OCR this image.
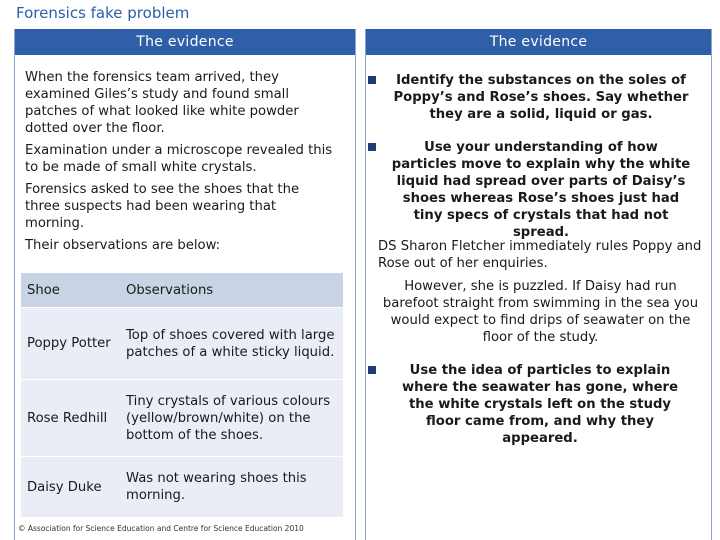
Forensics fake problem
The evidence

When the forensics team arrived, they examined Giles’s study and found small patches of what looked like white powder dotted over the floor.

Examination under a microscope revealed this to be made of small white crystals.

Forensics asked to see the shoes that the three suspects had been wearing that morning.

Their observations are below:

Shoe	Observations
Poppy Potter	Top of shoes covered with large patches of a white sticky liquid.
Rose Redhill	Tiny crystals of various colours (yellow/brown/white) on the bottom of the shoes.
Daisy Duke	Was not wearing shoes this morning.
The evidence
Identify the substances on the soles of Poppy’s and Rose’s shoes. Say whether they are a solid, liquid or gas.
Use your understanding of how particles move to explain why the white liquid had spread over parts of Daisy’s shoes whereas Rose’s shoes just had tiny specs of crystals that had not spread.

DS Sharon Fletcher immediately rules Poppy and Rose out of her enquiries.

However, she is puzzled. If Daisy had run barefoot straight from swimming in the sea you would expect to find drips of seawater on the floor of the study.

Use the idea of particles to explain where the seawater has gone, where the white crystals left on the study floor came from, and why they appeared.
© Association for Science Education and Centre for Science Education 2010
